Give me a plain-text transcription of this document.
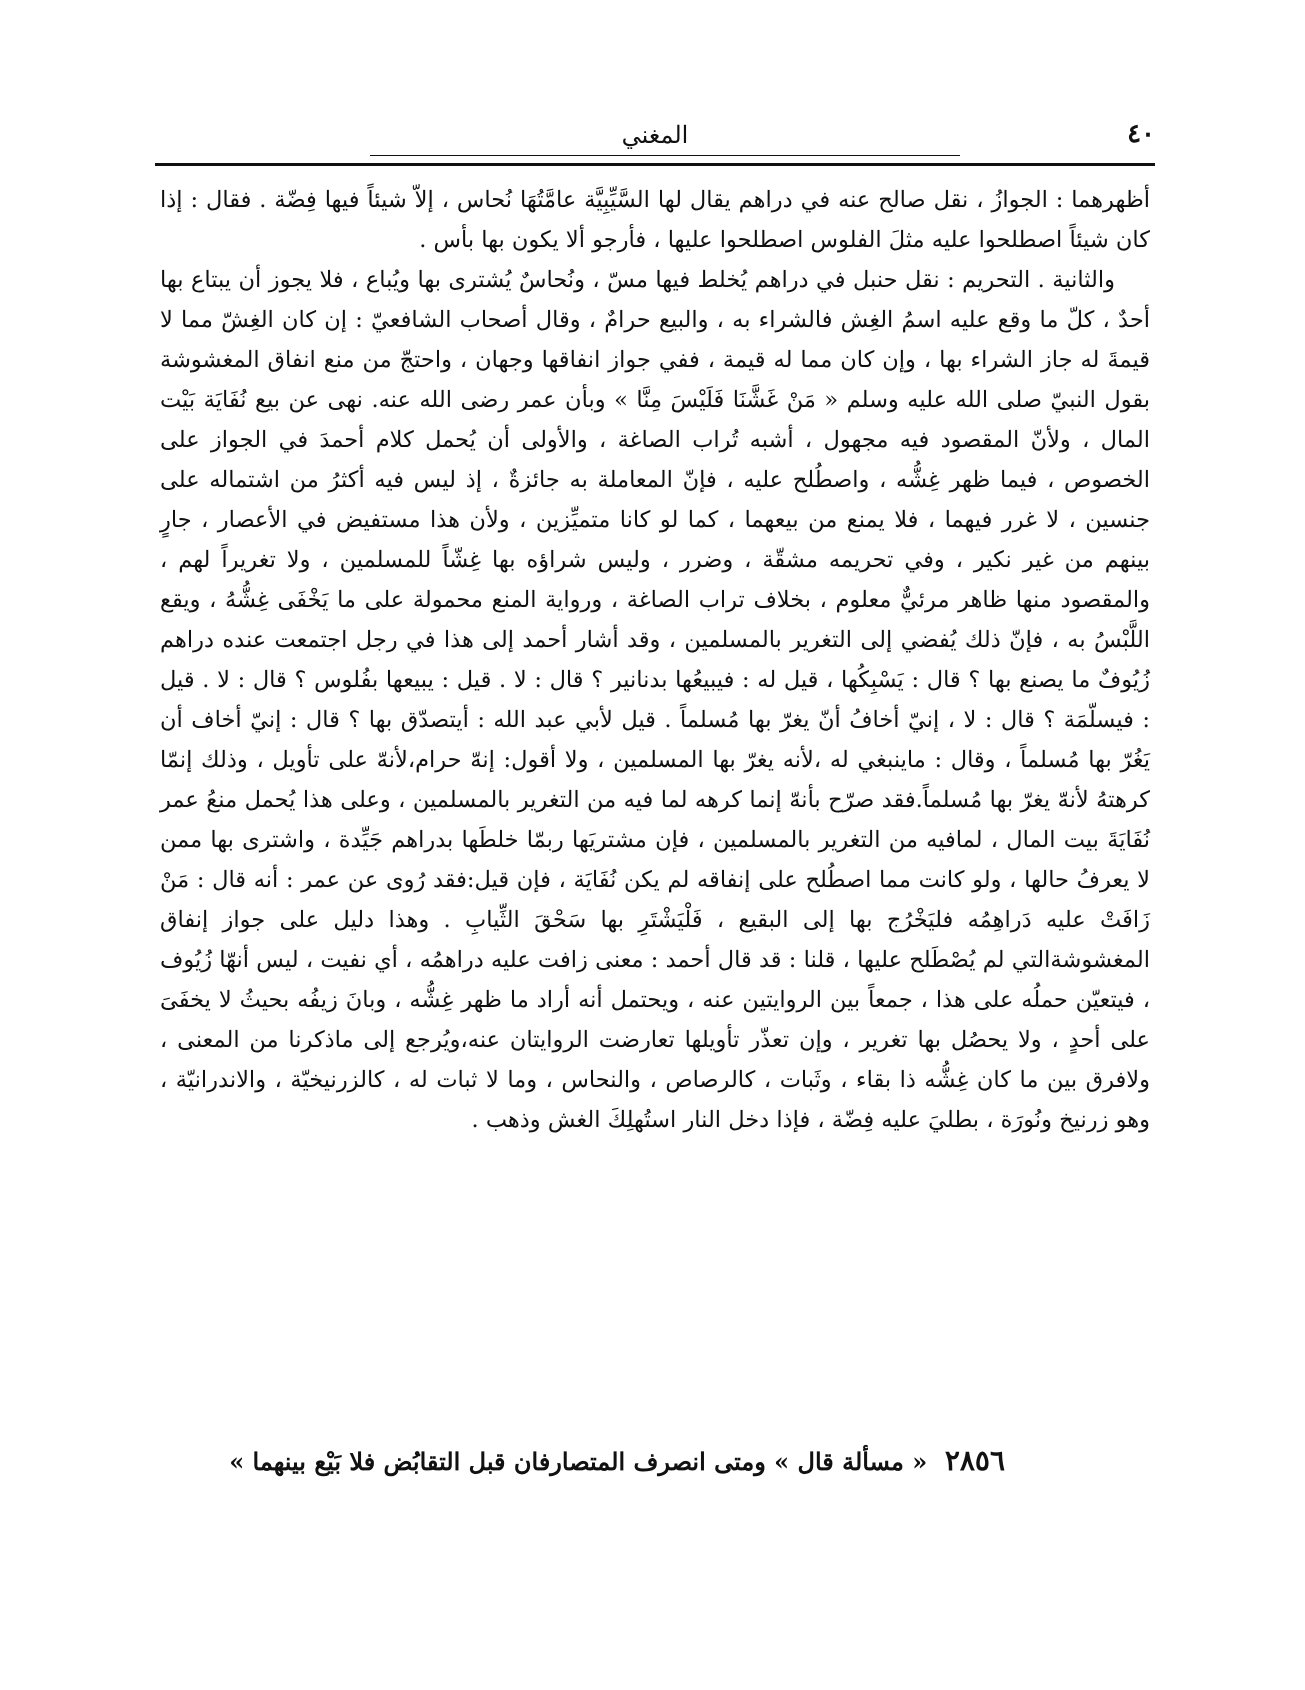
٤٠
المغني

أظهرهما : الجوازُ ، نقل صالح عنه في دراهم يقال لها السَّيِّبِيَّة عامَّتُهَا نُحاس ، إلاّ شيئاً فيها فِضّة . فقال : إذا كان شيئاً اصطلحوا عليه مثلَ الفلوس اصطلحوا عليها ، فأرجو ألا يكون بها بأس .

والثانية . التحريم : نقل حنبل في دراهم يُخلط فيها مسّ ، ونُحاسٌ يُشترى بها ويُباع ، فلا يجوز أن يبتاع بها أحدٌ ، كلّ ما وقع عليه اسمُ الغِش فالشراء به ، والبيع حرامٌ ، وقال أصحاب الشافعيّ : إن كان الغِشّ مما لا قيمةَ له جاز الشراء بها ، وإن كان مما له قيمة ، ففي جواز انفاقها وجهان ، واحتجّ من منع انفاق المغشوشة بقول النبيّ صلى الله عليه وسلم « مَنْ غَشَّنَا فَلَيْسَ مِنَّا » وبأن عمر رضى الله عنه. نهى عن بيع نُفَايَة بَيْت المال ، ولأنّ المقصود فيه مجهول ، أشبه تُراب الصاغة ، والأولى أن يُحمل كلام أحمدَ في الجواز على الخصوص ، فيما ظهر غِشُّه ، واصطُلح عليه ، فإنّ المعاملة به جائزةٌ ، إذ ليس فيه أكثرُ من اشتماله على جنسين ، لا غرر فيهما ، فلا يمنع من بيعهما ، كما لو كانا متميِّزين ، ولأن هذا مستفيض في الأعصار ، جارٍ بينهم من غير نكير ، وفي تحريمه مشقّة ، وضرر ، وليس شراؤه بها غِشّاً للمسلمين ، ولا تغريراً لهم ، والمقصود منها ظاهر مرئيٌّ معلوم ، بخلاف تراب الصاغة ، ورواية المنع محمولة على ما يَخْفَى غِشُّهُ ، ويقع اللَّبْسُ به ، فإنّ ذلك يُفضي إلى التغرير بالمسلمين ، وقد أشار أحمد إلى هذا في رجل اجتمعت عنده دراهم زُيُوفٌ ما يصنع بها ؟ قال : يَسْبِكُها ، قيل له : فيبيعُها بدنانير ؟ قال : لا . قيل : يبيعها بفُلوس ؟ قال : لا . قيل : فيسلّمَة ؟ قال : لا ، إنيّ أخافُ أنّ يغرّ بها مُسلماً . قيل لأبي عبد الله : أيتصدّق بها ؟ قال : إنيّ أخاف أن يَغُرّ بها مُسلماً ، وقال : ماينبغي له ،لأنه يغرّ بها المسلمين ، ولا أقول: إنهّ حرام،لأنهّ على تأويل ، وذلك إنمّا كرهتهُ لأنهّ يغرّ بها مُسلماً.فقد صرّح بأنهّ إنما كرهه لما فيه من التغرير بالمسلمين ، وعلى هذا يُحمل منعُ عمر نُفَايَةَ بيت المال ، لمافيه من التغرير بالمسلمين ، فإن مشتريَها ربمّا خلطَها بدراهم جَيِّدة ، واشترى بها ممن لا يعرفُ حالها ، ولو كانت مما اصطُلح على إنفاقه لم يكن نُفَايَة ، فإن قيل:فقد رُوى عن عمر : أنه قال : مَنْ زَافَتْ عليه دَراهِمُه فليَخْرُج بها إلى البقيع ، فَلْيَشْتَرِ بها سَحْقَ الثِّيابِ . وهذا دليل على جواز إنفاق المغشوشةالتي لم يُصْطَلح عليها ، قلنا : قد قال أحمد : معنى زافت عليه دراهمُه ، أي نفيت ، ليس أنهّا زُيُوف ، فيتعيّن حملُه على هذا ، جمعاً بين الروايتين عنه ، ويحتمل أنه أراد ما ظهر غِشُّه ، وبانَ زيفُه بحيثُ لا يخفَىَ على أحدٍ ، ولا يحصُل بها تغرير ، وإن تعذّر تأويلها تعارضت الروايتان عنه،ويُرجع إلى ماذكرنا من المعنى ، ولافرق بين ما كان غِشُّه ذا بقاء ، وثَبات ، كالرصاص ، والنحاس ، وما لا ثبات له ، كالزرنيخيّة ، والاندرانيّة ، وهو زرنيخ ونُورَة ، بطليَ عليه فِضّة ، فإذا دخل النار استُهلِكَ الغش وذهب .

٢٨٥٦ « مسألة قال » ومتى انصرف المتصارفان قبل التقابُض فلا بَيْع بينهما »
